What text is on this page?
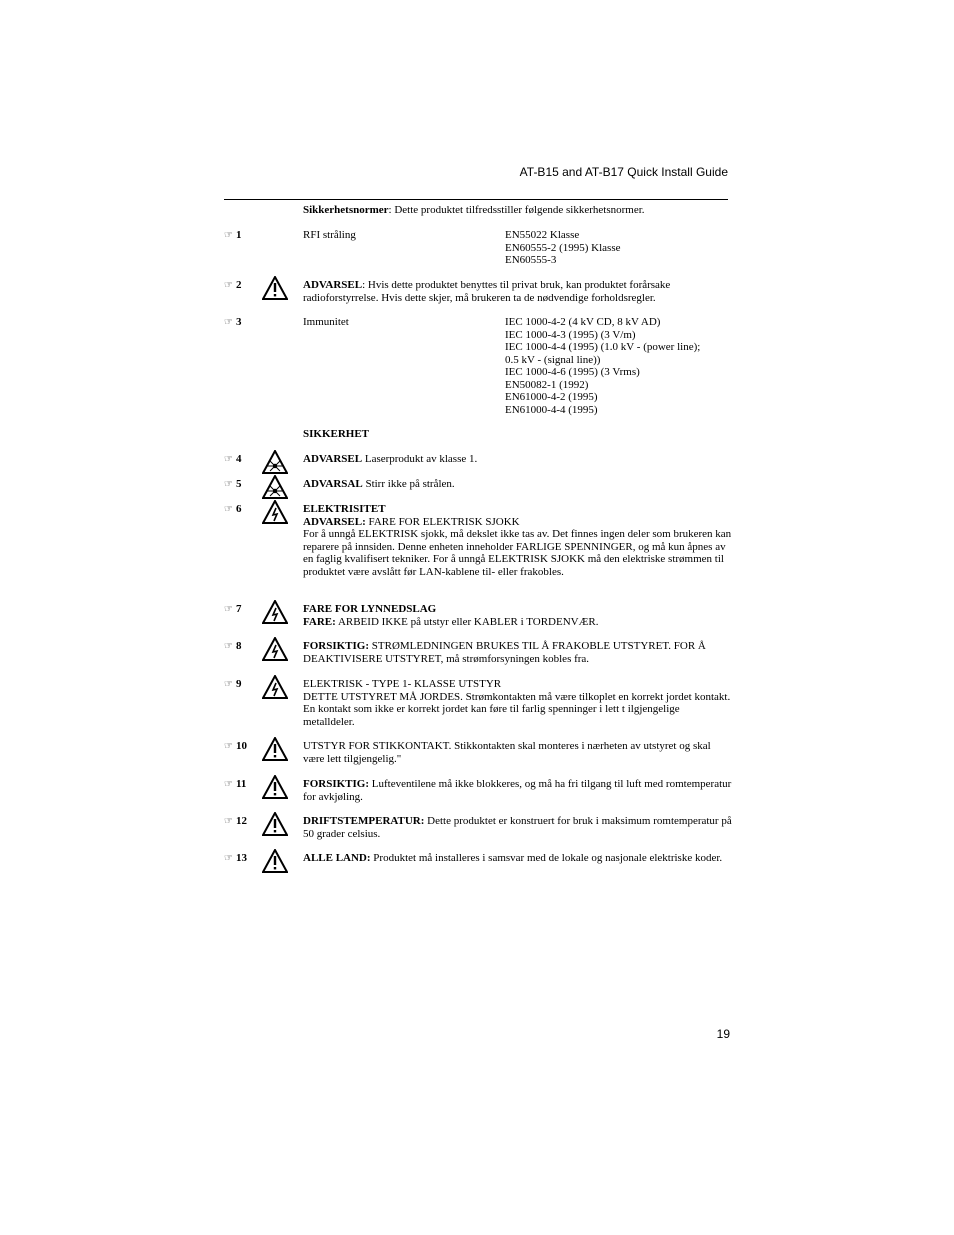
AT-B15 and AT-B17 Quick Install Guide
Sikkerhetsnormer: Dette produktet tilfredsstiller følgende sikkerhetsnormer.
☞ 1	RFI stråling	EN55022 Klasse
EN60555-2 (1995) Klasse
EN60555-3
☞ 2	ADVARSEL: Hvis dette produktet benyttes til privat bruk, kan produktet forårsake radioforstyrrelse. Hvis dette skjer, må brukeren ta de nødvendige forholdsregler.
☞ 3	Immunitet	IEC 1000-4-2 (4 kV CD, 8 kV AD)
IEC 1000-4-3 (1995) (3 V/m)
IEC 1000-4-4 (1995) (1.0 kV - (power line);
0.5 kV - (signal line))
IEC 1000-4-6 (1995) (3 Vrms)
EN50082-1 (1992)
EN61000-4-2 (1995)
EN61000-4-4 (1995)
SIKKERHET
☞ 4	ADVARSEL Laserprodukt av klasse 1.
☞ 5	ADVARSAL Stirr ikke på strålen.
☞ 6	ELEKTRISITET
ADVARSEL: FARE FOR ELEKTRISK SJOKK
For å unngå ELEKTRISK sjokk, må dekslet ikke tas av. Det finnes ingen deler som brukeren kan reparere på innsiden. Denne enheten inneholder FARLIGE SPENNINGER, og må kun åpnes av en faglig kvalifisert tekniker. For å unngå ELEKTRISK SJOKK må den elektriske strømmen til produktet være avslått før LAN-kablene til- eller frakobles.
☞ 7	FARE FOR LYNNEDSLAG
FARE: ARBEID IKKE på utstyr eller KABLER i TORDENVÆR.
☞ 8	FORSIKTIG: STRØMLEDNINGEN BRUKES TIL Å FRAKOBLE UTSTYRET. FOR Å DEAKTIVISERE UTSTYRET, må strømforsyningen kobles fra.
☞ 9	ELEKTRISK - TYPE 1- KLASSE UTSTYR
DETTE UTSTYRET MÅ JORDES. Strømkontakten må være tilkoplet en korrekt jordet kontakt. En kontakt som ikke er korrekt jordet kan føre til farlig spenninger i lett t ilgjengelige metalldeler.
☞ 10	UTSTYR FOR STIKKONTAKT. Stikkontakten skal monteres i nærheten av utstyret og skal være lett tilgjengelig."
☞ 11	FORSIKTIG: Lufteventilene må ikke blokkeres, og må ha fri tilgang til luft med romtemperatur for avkjøling.
☞ 12	DRIFTSTEMPERATUR: Dette produktet er konstruert for bruk i maksimum romtemperatur på 50 grader celsius.
☞ 13	ALLE LAND: Produktet må installeres i samsvar med de lokale og nasjonale elektriske koder.
19
